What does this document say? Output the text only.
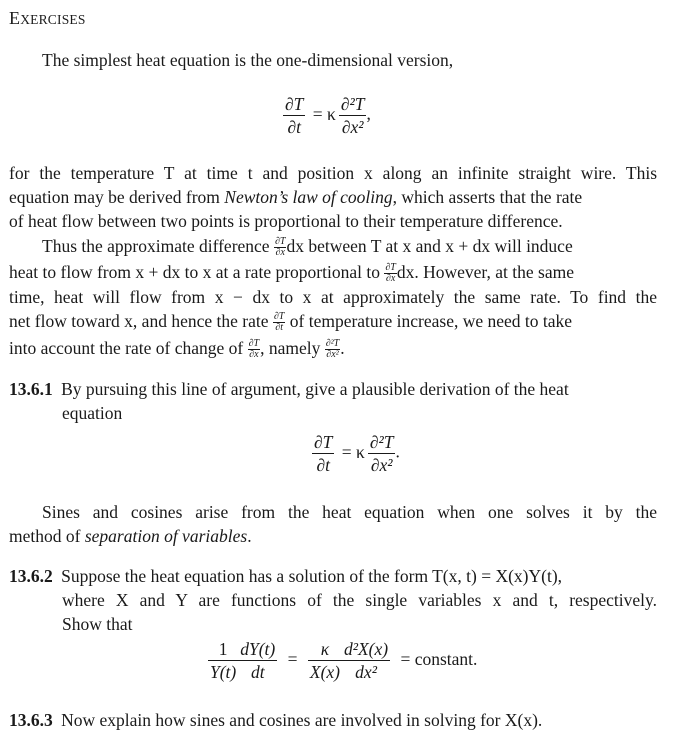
EXERCISES
The simplest heat equation is the one-dimensional version,
$\frac{\partial T}{\partial t} = \kappa \frac{\text{∂²T}}{\text{∂x²}}$ ,
for the temperature T at time t and position x along an infinite straight wire. This
equation may be derived from Newton’s law of cooling, which asserts that the rate
of heat flow between two points is proportional to their temperature difference.
Thus the approximate difference $\frac{\partial T}{\partial x}$ dx between T at x and x + dx will induce
heat to flow from x + dx to x at a rate proportional to $\frac{\partial T}{\partial x}$ dx. However, at the same
time, heat will flow from x − dx to x at approximately the same rate. To find the
net flow toward x, and hence the rate $\frac{\partial T}{\partial t}$ of temperature increase, we need to take
into account the rate of change of $\frac{\partial T}{\partial x}$ , namely $\frac{\text{∂²T}}{\text{∂x²}}$ .
13.6.1 By pursuing this line of argument, give a plausible derivation of the heat
equation
$\frac{\partial T}{\partial t} = \kappa \frac{\text{∂²T}}{\text{∂x²}}$ .
Sines and cosines arise from the heat equation when one solves it by the
method of separation of variables.
13.6.2 Suppose the heat equation has a solution of the form T(x, t) = X(x)Y(t),
where X and Y are functions of the single variables x and t, respectively.
Show that
$\frac{1}{Y(t)} \frac{dY(t)}{dt} = \frac{\kappa}{X(x)} \frac{\text{d²X(x)}}{\text{dx²}}$ = constant.
13.6.3 Now explain how sines and cosines are involved in solving for X(x).
